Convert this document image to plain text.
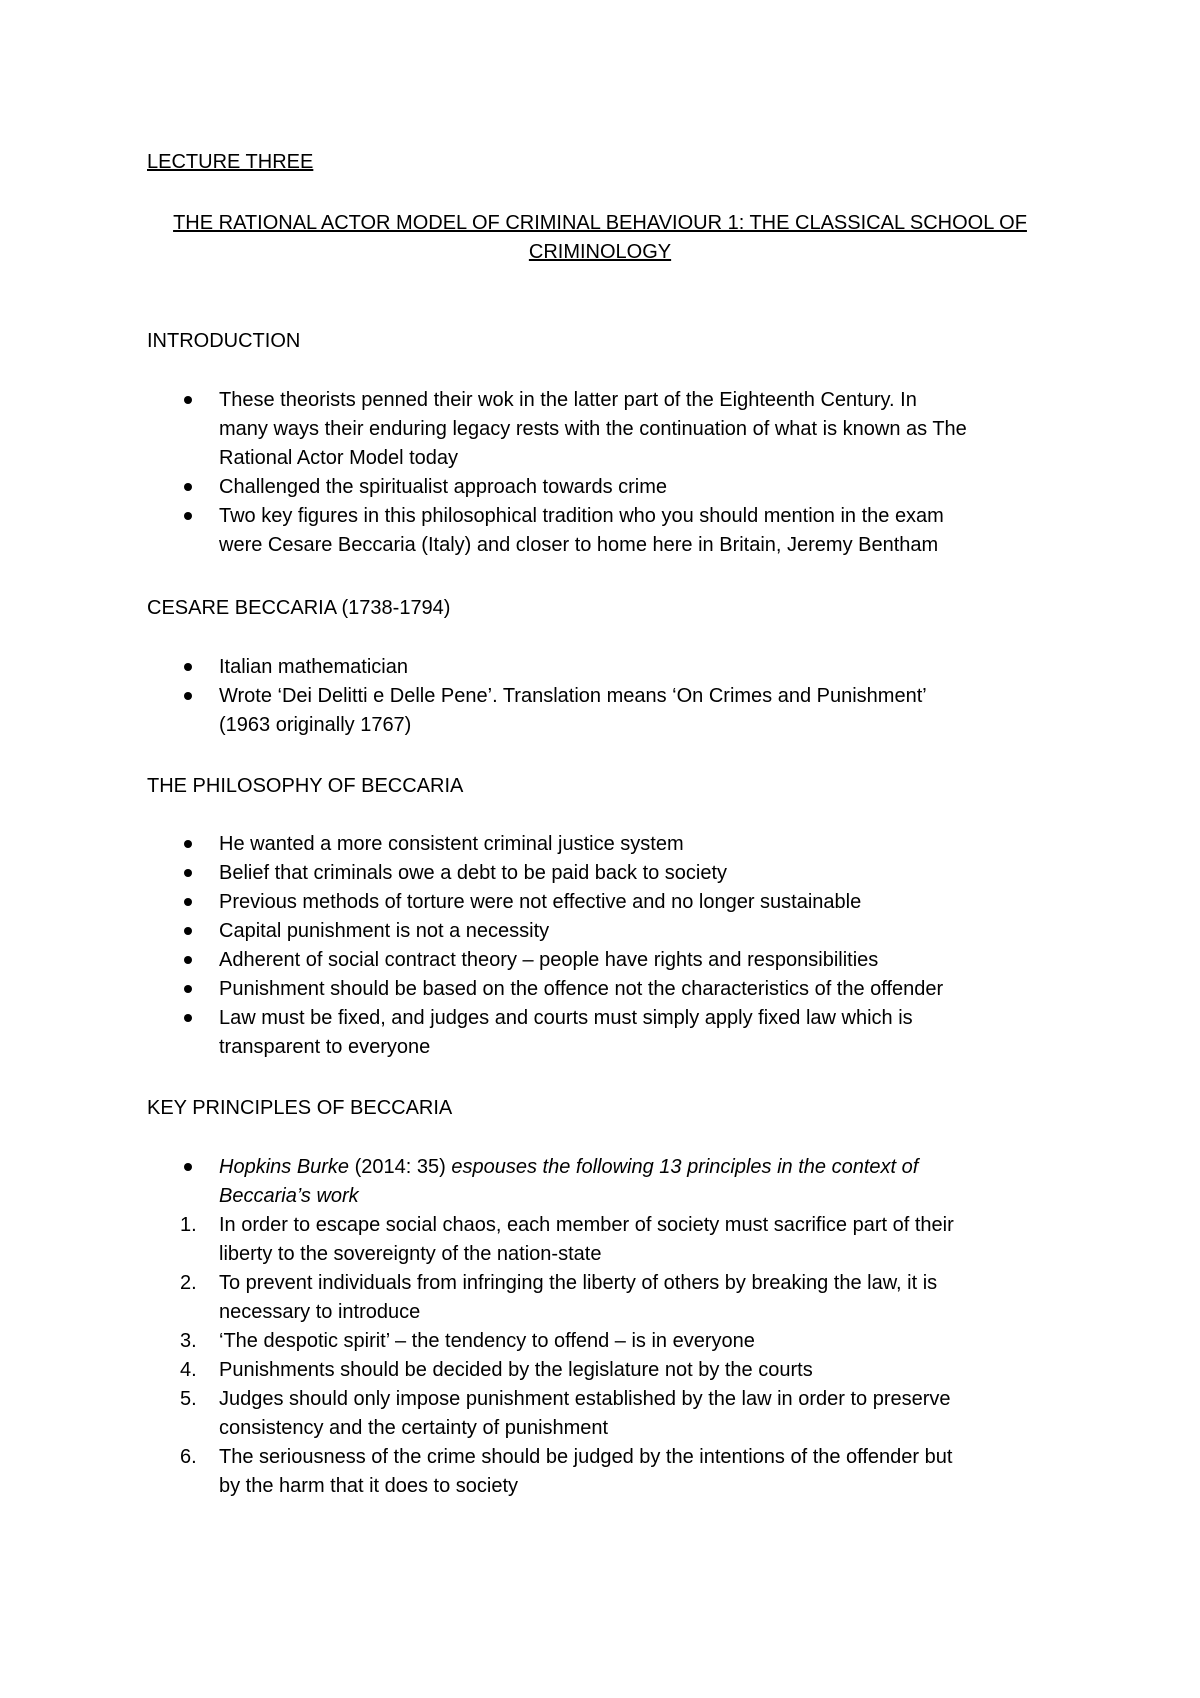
LECTURE THREE

THE RATIONAL ACTOR MODEL OF CRIMINAL BEHAVIOUR 1: THE CLASSICAL SCHOOL OF

CRIMINOLOGY

INTRODUCTION

These theorists penned their wok in the latter part of the Eighteenth Century. In

many ways their enduring legacy rests with the continuation of what is known as The

Rational Actor Model today

Challenged the spiritualist approach towards crime

Two key figures in this philosophical tradition who you should mention in the exam

were Cesare Beccaria (Italy) and closer to home here in Britain, Jeremy Bentham

CESARE BECCARIA (1738-1794)

Italian mathematician

Wrote ‘Dei Delitti e Delle Pene’. Translation means ‘On Crimes and Punishment’

(1963 originally 1767)

THE PHILOSOPHY OF BECCARIA

He wanted a more consistent criminal justice system

Belief that criminals owe a debt to be paid back to society

Previous methods of torture were not effective and no longer sustainable

Capital punishment is not a necessity

Adherent of social contract theory – people have rights and responsibilities

Punishment should be based on the offence not the characteristics of the offender

Law must be fixed, and judges and courts must simply apply fixed law which is

transparent to everyone

KEY PRINCIPLES OF BECCARIA

Hopkins Burke (2014: 35) espouses the following 13 principles in the context of

Beccaria’s work

1. In order to escape social chaos, each member of society must sacrifice part of their

liberty to the sovereignty of the nation-state

2. To prevent individuals from infringing the liberty of others by breaking the law, it is

necessary to introduce

3. ‘The despotic spirit’ – the tendency to offend – is in everyone

4. Punishments should be decided by the legislature not by the courts

5. Judges should only impose punishment established by the law in order to preserve

consistency and the certainty of punishment

6. The seriousness of the crime should be judged by the intentions of the offender but

by the harm that it does to society
